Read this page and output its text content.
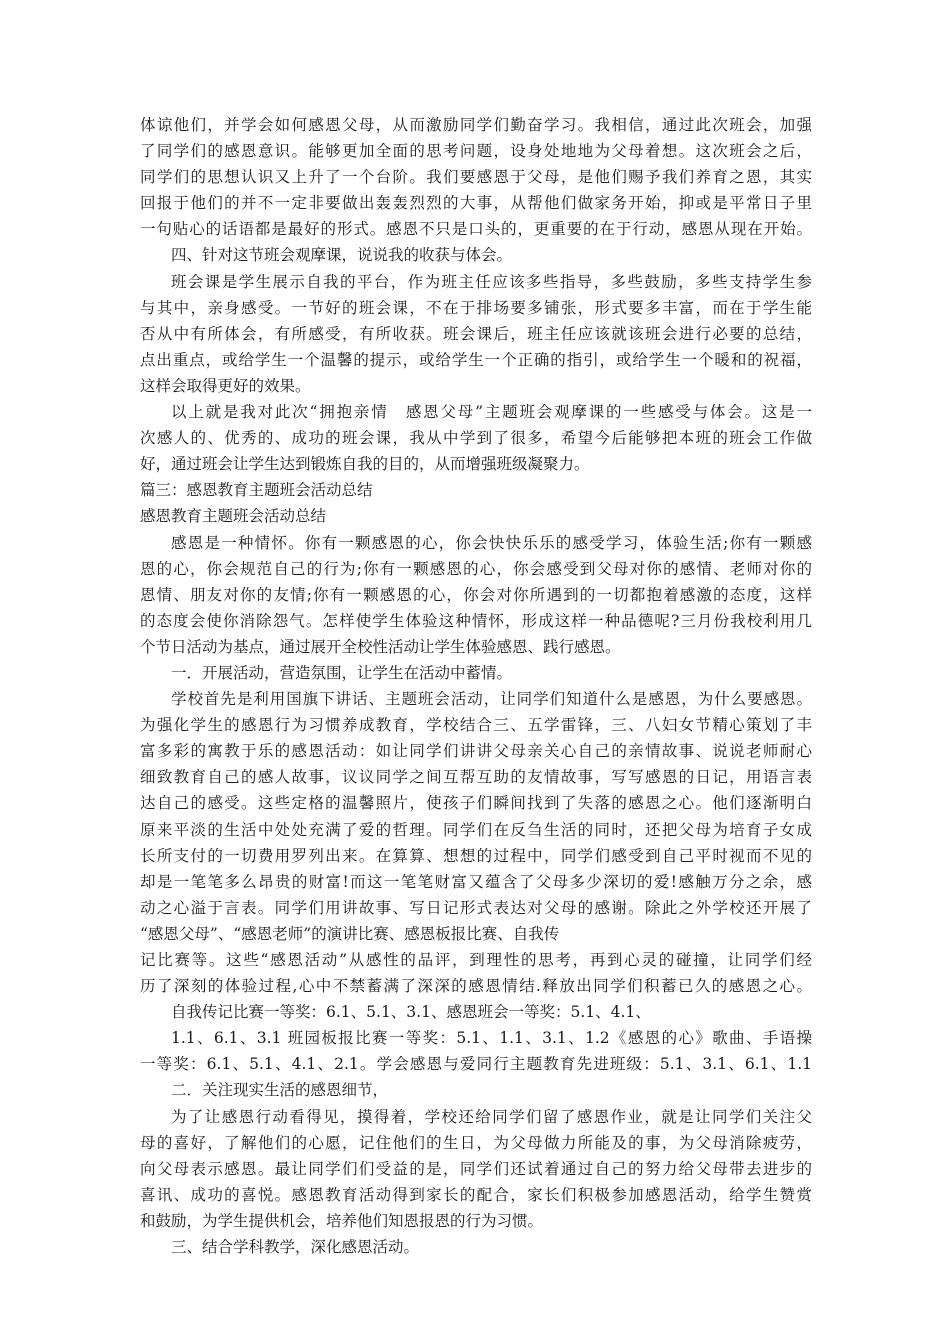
体谅他们，并学会如何感恩父母，从而激励同学们勤奋学习。我相信，通过此次班会，加强
了同学们的感恩意识。能够更加全面的思考问题，设身处地地为父母着想。这次班会之后，
同学们的思想认识又上升了一个台阶。我们要感恩于父母，是他们赐予我们养育之恩，其实
回报于他们的并不一定非要做出轰轰烈烈的大事，从帮他们做家务开始，抑或是平常日子里
一句贴心的话语都是最好的形式。感恩不只是口头的，更重要的在于行动，感恩从现在开始。
四、针对这节班会观摩课，说说我的收获与体会。
班会课是学生展示自我的平台，作为班主任应该多些指导，多些鼓励，多些支持学生参
与其中，亲身感受。一节好的班会课，不在于排场要多铺张，形式要多丰富，而在于学生能
否从中有所体会，有所感受，有所收获。班会课后，班主任应该就该班会进行必要的总结，
点出重点，或给学生一个温馨的提示，或给学生一个正确的指引，或给学生一个暖和的祝福，
这样会取得更好的效果。
以上就是我对此次“拥抱亲情　感恩父母”主题班会观摩课的一些感受与体会。这是一
次感人的、优秀的、成功的班会课，我从中学到了很多，希望今后能够把本班的班会工作做
好，通过班会让学生达到锻炼自我的目的，从而增强班级凝聚力。
篇三：感恩教育主题班会活动总结
感恩教育主题班会活动总结
感恩是一种情怀。你有一颗感恩的心，你会快快乐乐的感受学习，体验生活;你有一颗感
恩的心，你会规范自己的行为;你有一颗感恩的心，你会感受到父母对你的感情、老师对你的
恩情、朋友对你的友情;你有一颗感恩的心，你会对你所遇到的一切都抱着感激的态度，这样
的态度会使你消除怨气。怎样使学生体验这种情怀，形成这样一种品德呢?三月份我校利用几
个节日活动为基点，通过展开全校性活动让学生体验感恩、践行感恩。
一．开展活动，营造氛围，让学生在活动中蓄情。
学校首先是利用国旗下讲话、主题班会活动，让同学们知道什么是感恩，为什么要感恩。
为强化学生的感恩行为习惯养成教育，学校结合三、五学雷锋，三、八妇女节精心策划了丰
富多彩的寓教于乐的感恩活动：如让同学们讲讲父母亲关心自己的亲情故事、说说老师耐心
细致教育自己的感人故事，议议同学之间互帮互助的友情故事，写写感恩的日记，用语言表
达自己的感受。这些定格的温馨照片，使孩子们瞬间找到了失落的感恩之心。他们逐渐明白
原来平淡的生活中处处充满了爱的哲理。同学们在反刍生活的同时，还把父母为培育子女成
长所支付的一切费用罗列出来。在算算、想想的过程中，同学们感受到自己平时视而不见的
却是一笔笔多么昂贵的财富!而这一笔笔财富又蕴含了父母多少深切的爱!感触万分之余，感
动之心溢于言表。同学们用讲故事、写日记形式表达对父母的感谢。除此之外学校还开展了
“感恩父母”、“感恩老师”的演讲比赛、感恩板报比赛、自我传
记比赛等。这些“感恩活动”从感性的品评，到理性的思考，再到心灵的碰撞，让同学们经
历了深刻的体验过程,心中不禁蓄满了深深的感恩情结.释放出同学们积蓄已久的感恩之心。
自我传记比赛一等奖：6.1、5.1、3.1、感恩班会一等奖：5.1、4.1、
1.1、6.1、3.1 班园板报比赛一等奖：5.1、1.1、3.1、1.2《感恩的心》歌曲、手语操
一等奖：6.1、5.1、4.1、2.1。学会感恩与爱同行主题教育先进班级：5.1、3.1、6.1、1.1
二．关注现实生活的感恩细节，
为了让感恩行动看得见，摸得着，学校还给同学们留了感恩作业，就是让同学们关注父
母的喜好，了解他们的心愿，记住他们的生日，为父母做力所能及的事，为父母消除疲劳，
向父母表示感恩。最让同学们们受益的是，同学们还试着通过自己的努力给父母带去进步的
喜讯、成功的喜悦。感恩教育活动得到家长的配合，家长们积极参加感恩活动，给学生赞赏
和鼓励，为学生提供机会，培养他们知恩报恩的行为习惯。
三、结合学科教学，深化感恩活动。
